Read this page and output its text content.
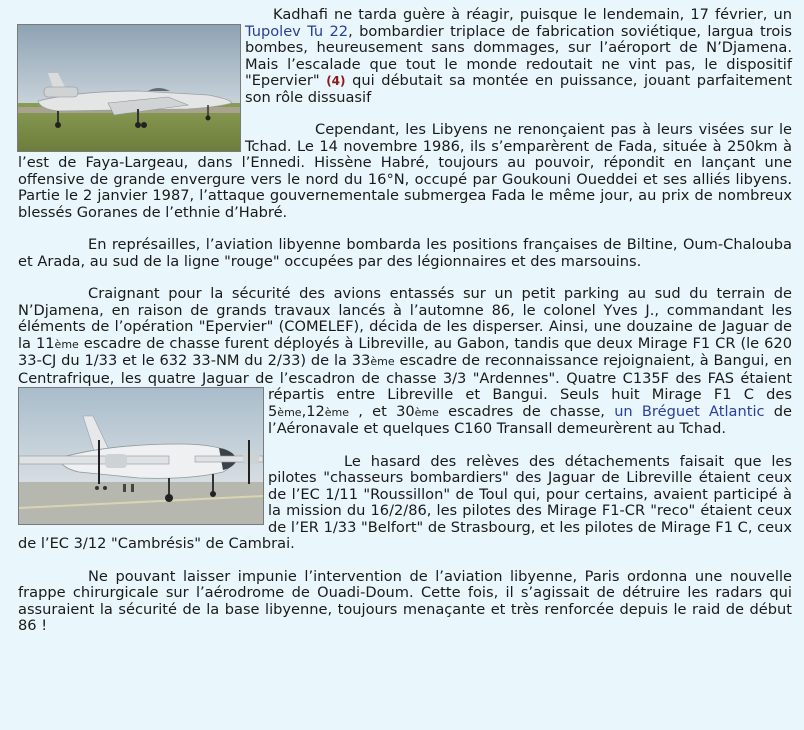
Kadhafi ne tarda guère à réagir, puisque le lendemain, 17 février, un Tupolev Tu 22, bombardier triplace de fabrication soviétique, largua trois bombes, heureusement sans dommages, sur l’aéroport de N’Djamena. Mais l’escalade que tout le monde redoutait ne vint pas, le dispositif "Epervier" (4) qui débutait sa montée en puissance, jouant parfaitement son rôle dissuasif

Cependant, les Libyens ne renonçaient pas à leurs visées sur le Tchad. Le 14 novembre 1986, ils s’emparèrent de Fada, située à 250km à l’est de Faya-Largeau, dans l’Ennedi. Hissène Habré, toujours au pouvoir, répondit en lançant une offensive de grande envergure vers le nord du 16°N, occupé par Goukouni Oueddei et ses alliés libyens. Partie le 2 janvier 1987, l’attaque gouvernementale submergea Fada le même jour, au prix de nombreux blessés Goranes de l’ethnie d’Habré.

En représailles, l’aviation libyenne bombarda les positions françaises de Biltine, Oum-Chalouba et Arada, au sud de la ligne "rouge" occupées par des légionnaires et des marsouins.

Craignant pour la sécurité des avions entassés sur un petit parking au sud du terrain de N’Djamena, en raison de grands travaux lancés à l’automne 86, le colonel Yves J., commandant les éléments de l’opération "Epervier" (COMELEF), décida de les disperser. Ainsi, une douzaine de Jaguar de la 11ème escadre de chasse furent déployés à Libreville, au Gabon, tandis que deux Mirage F1 CR (le 620 33-CJ du 1/33 et le 632 33-NM du 2/33) de la 33ème escadre de reconnaissance rejoignaient, à Bangui, en Centrafrique, les quatre Jaguar de l’escadron de chasse 3/3 "Ardennes". Quatre C135F des FAS étaient répartis entre
Libreville et Bangui. Seuls huit Mirage F1 C des 5ème,12ème , et 30ème escadres de chasse, un Bréguet Atlantic de l’Aéronavale et quelques C160 Transall demeurèrent au Tchad.

Le hasard des relèves des détachements faisait que les pilotes "chasseurs bombardiers" des Jaguar de Libreville étaient ceux de l’EC 1/11 "Roussillon" de Toul qui, pour certains, avaient participé à la mission du 16/2/86, les pilotes des Mirage F1-CR "reco" étaient ceux de l’ER 1/33 "Belfort" de Strasbourg, et les pilotes de Mirage F1 C, ceux de l’EC 3/12 "Cambrésis" de Cambrai.

Ne pouvant laisser impunie l’intervention de l’aviation libyenne, Paris ordonna une nouvelle frappe chirurgicale sur l’aérodrome de Ouadi-Doum. Cette fois, il s’agissait de détruire les radars qui assuraient la sécurité de la base libyenne, toujours menaçante et très renforcée depuis le raid de début 86 !
